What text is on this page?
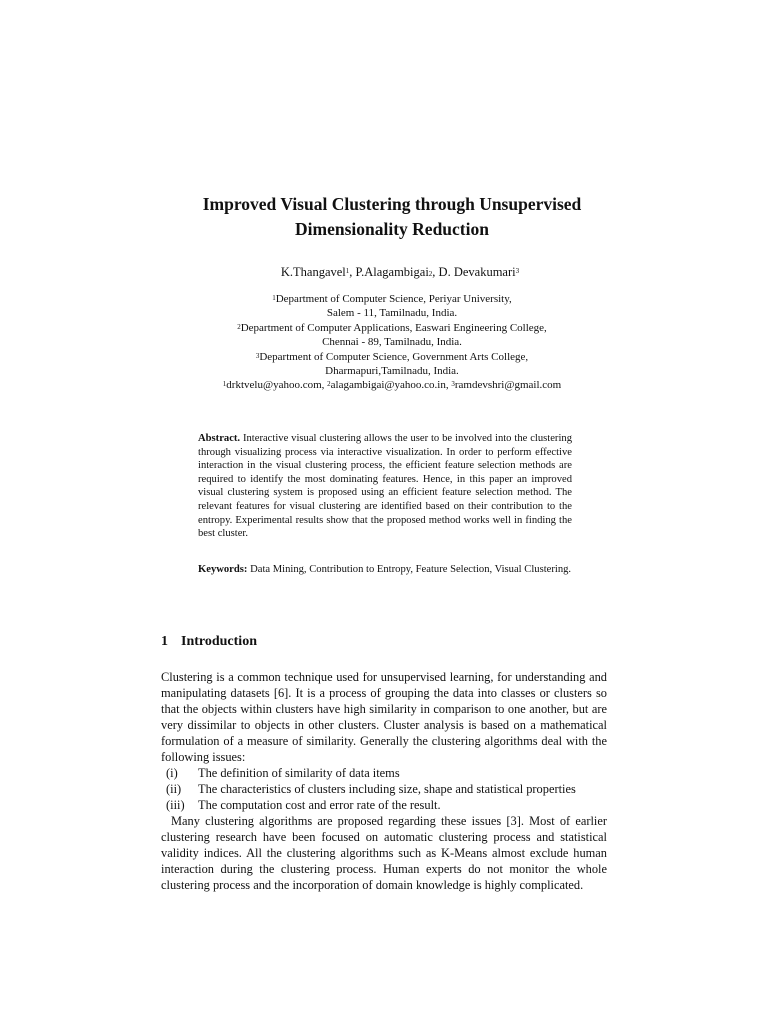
Improved Visual Clustering through Unsupervised
Dimensionality Reduction
K.Thangavel$^1$, P.Alagambigai2, D. Devakumari$^3$
$^1$Department of Computer Science, Periyar University,
Salem - 11, Tamilnadu, India.
$^2$Department of Computer Applications, Easwari Engineering College,
Chennai - 89, Tamilnadu, India.
$^3$Department of Computer Science, Government Arts College,
Dharmapuri,Tamilnadu, India.
$^1$drktvelu@yahoo.com, $^2$alagambigai@yahoo.co.in, $^3$ramdevshri@gmail.com
Abstract. Interactive visual clustering allows the user to be involved into the clustering through visualizing process via interactive visualization. In order to perform effective interaction in the visual clustering process, the efficient feature selection methods are required to identify the most dominating features. Hence, in this paper an improved visual clustering system is proposed using an efficient feature selection method. The relevant features for visual clustering are identified based on their contribution to the entropy. Experimental results show that the proposed method works well in finding the best cluster.
Keywords: Data Mining, Contribution to Entropy, Feature Selection, Visual Clustering.
1 Introduction

Clustering is a common technique used for unsupervised learning, for understanding and manipulating datasets [6]. It is a process of grouping the data into classes or clusters so that the objects within clusters have high similarity in comparison to one another, but are very dissimilar to objects in other clusters. Cluster analysis is based on a mathematical formulation of a measure of similarity. Generally the clustering algorithms deal with the following issues:

(i)	The definition of similarity of data items
(ii)	The characteristics of clusters including size, shape and statistical properties
(iii)	The computation cost and error rate of the result.

Many clustering algorithms are proposed regarding these issues [3]. Most of earlier clustering research have been focused on automatic clustering process and statistical validity indices. All the clustering algorithms such as K-Means almost exclude human interaction during the clustering process. Human experts do not monitor the whole clustering process and the incorporation of domain knowledge is highly complicated.
